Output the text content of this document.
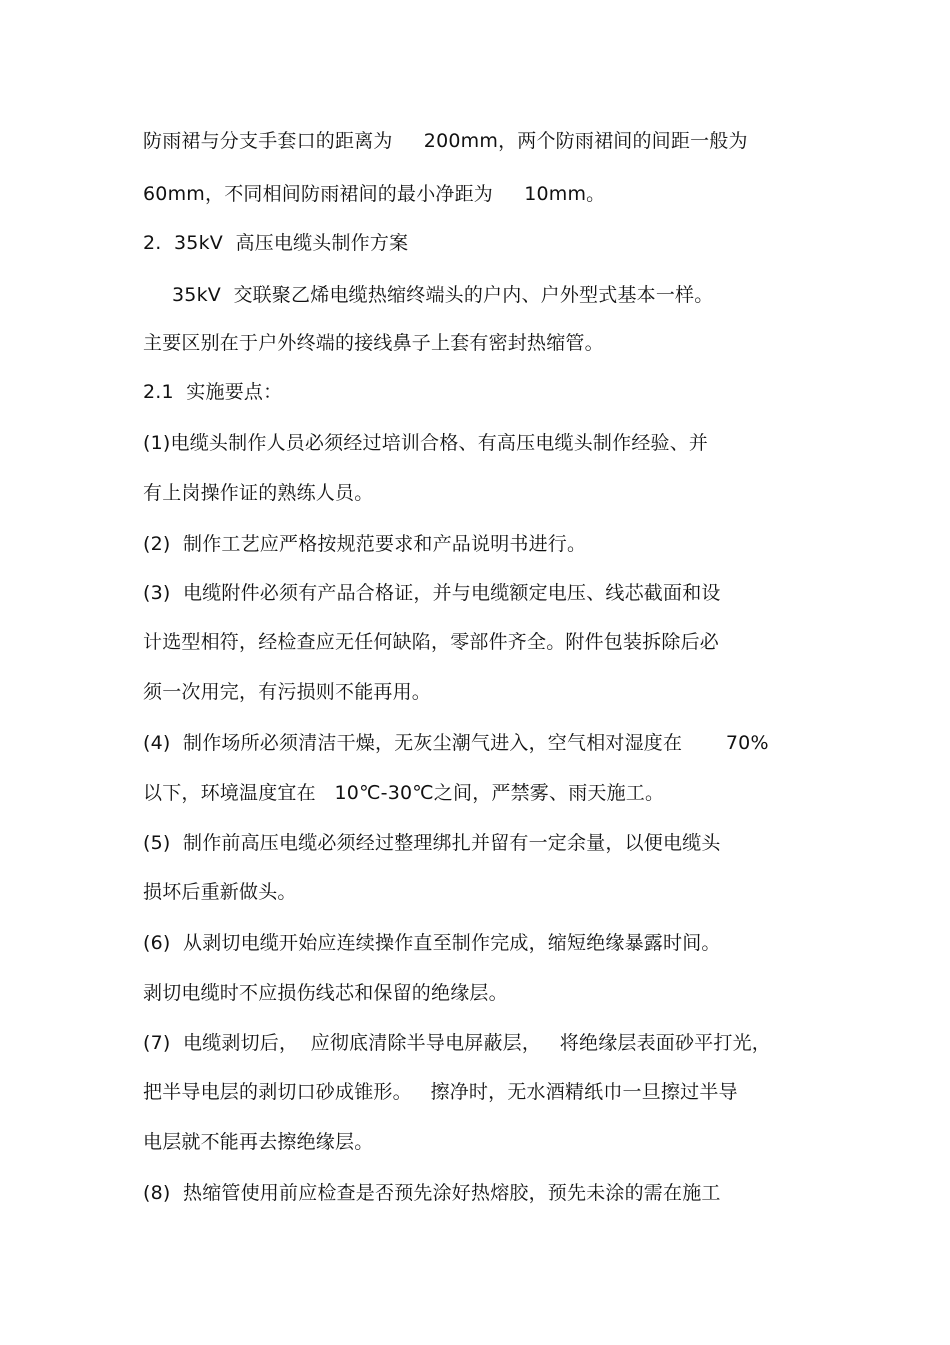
防雨裙与分支手套口的距离为     200mm，两个防雨裙间的间距一般为
60mm，不同相间防雨裙间的最小净距为     10mm。
2.  35kV  高压电缆头制作方案
35kV  交联聚乙烯电缆热缩终端头的户内、户外型式基本一样。
主要区别在于户外终端的接线鼻子上套有密封热缩管。
2.1  实施要点：
(1)电缆头制作人员必须经过培训合格、有高压电缆头制作经验、并
有上岗操作证的熟练人员。
(2)  制作工艺应严格按规范要求和产品说明书进行。
(3)  电缆附件必须有产品合格证，并与电缆额定电压、线芯截面和设
计选型相符，经检查应无任何缺陷，零部件齐全。附件包装拆除后必
须一次用完，有污损则不能再用。
(4)  制作场所必须清洁干燥，无灰尘潮气进入，空气相对湿度在       70%
以下，环境温度宜在   10℃-30℃之间，严禁雾、雨天施工。
(5)  制作前高压电缆必须经过整理绑扎并留有一定余量，以便电缆头
损坏后重新做头。
(6)  从剥切电缆开始应连续操作直至制作完成，缩短绝缘暴露时间。
剥切电缆时不应损伤线芯和保留的绝缘层。
(7)  电缆剥切后，  应彻底清除半导电屏蔽层，   将绝缘层表面砂平打光，
把半导电层的剥切口砂成锥形。   擦净时，无水酒精纸巾一旦擦过半导
电层就不能再去擦绝缘层。
(8)  热缩管使用前应检查是否预先涂好热熔胶，预先未涂的需在施工
